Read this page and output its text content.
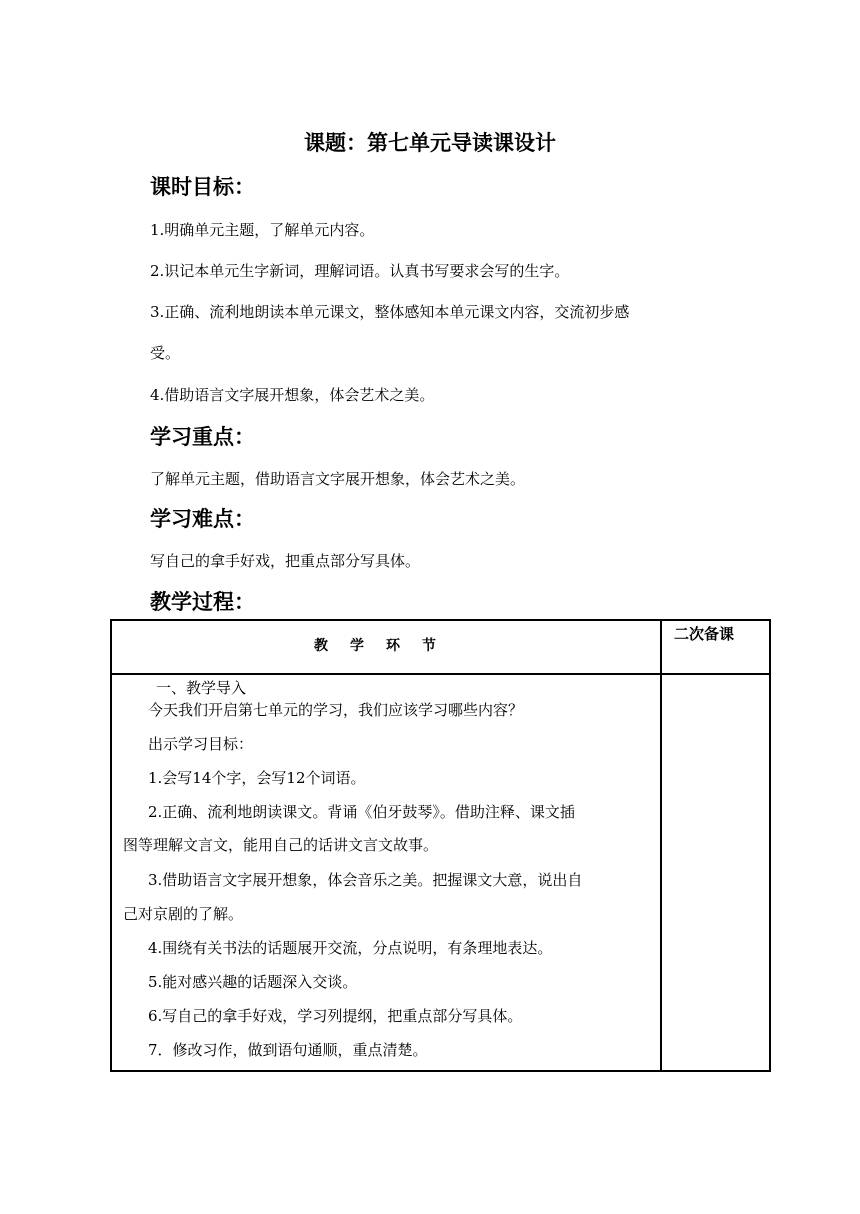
课题：第七单元导读课设计
课时目标：
1.明确单元主题，了解单元内容。
2.识记本单元生字新词，理解词语。认真书写要求会写的生字。
3.正确、流利地朗读本单元课文，整体感知本单元课文内容，交流初步感
受。
4.借助语言文字展开想象，体会艺术之美。
学习重点：
了解单元主题，借助语言文字展开想象，体会艺术之美。
学习难点：
写自己的拿手好戏，把重点部分写具体。
教学过程：
教学环节
二次备课
一、教学导入
今天我们开启第七单元的学习，我们应该学习哪些内容？
出示学习目标：
1.会写14个字，会写12个词语。
2.正确、流利地朗读课文。背诵《伯牙鼓琴》。借助注释、课文插
图等理解文言文，能用自己的话讲文言文故事。
3.借助语言文字展开想象，体会音乐之美。把握课文大意，说出自
己对京剧的了解。
4.围绕有关书法的话题展开交流，分点说明，有条理地表达。
5.能对感兴趣的话题深入交谈。
6.写自己的拿手好戏，学习列提纲，把重点部分写具体。
7．修改习作，做到语句通顺，重点清楚。
